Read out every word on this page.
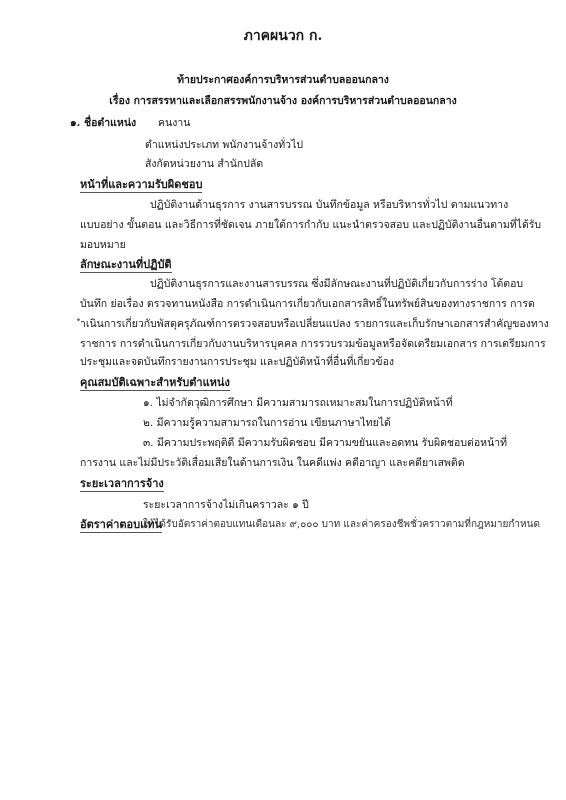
ภาคผนวก ก.
ท้ายประกาศองค์การบริหารส่วนตำบลออนกลาง
เรื่อง การสรรหาและเลือกสรรพนักงานจ้าง องค์การบริหารส่วนตำบลออนกลาง
๑. ชื่อตำแหน่ง คนงาน
ตำแหน่งประเภท พนักงานจ้างทั่วไป
สังกัดหน่วยงาน สำนักปลัด
หน้าที่และความรับผิดชอบ
ปฏิบัติงานด้านธุรการ งานสารบรรณ บันทึกข้อมูล หรือบริหารทั่วไป ตามแนวทาง
แบบอย่าง ขั้นตอน และวิธีการที่ชัดเจน ภายใต้การกำกับ แนะนำตรวจสอบ และปฏิบัติงานอื่นตามที่ได้รับ
มอบหมาย
ลักษณะงานที่ปฏิบัติ
ปฏิบัติงานธุรการและงานสารบรรณ ซึ่งมีลักษณะงานที่ปฏิบัติเกี่ยวกับการร่าง โต้ตอบ
บันทึก ย่อเรื่อง ตรวจทานหนังสือ การดำเนินการเกี่ยวกับเอกสารสิทธิ์ในทรัพย์สินของทางราชการ การด
ำเนินการเกี่ยวกับพัสดุครุภัณฑ์การตรวจสอบหรือเปลี่ยนแปลง รายการและเก็บรักษาเอกสารสำคัญของทาง
ราชการ การดำเนินการเกี่ยวกับงานบริหารบุคคล การรวบรวมข้อมูลหรือจัดเตรียมเอกสาร การเตรียมการ
ประชุมและจดบันทึกรายงานการประชุม และปฏิบัติหน้าที่อื่นที่เกี่ยวข้อง
คุณสมบัติเฉพาะสำหรับตำแหน่ง
๑. ไม่จำกัดวุฒิการศึกษา มีความสามารถเหมาะสมในการปฏิบัติหน้าที่
๒. มีความรู้ความสามารถในการอ่าน เขียนภาษาไทยได้
๓. มีความประพฤติดี มีความรับผิดชอบ มีความขยันและอดทน รับผิดชอบต่อหน้าที่
การงาน และไม่มีประวัติเสื่อมเสียในด้านการเงิน ในคดีแพ่ง คดีอาญา และคดียาเสพติด
ระยะเวลาการจ้าง
ระยะเวลาการจ้างไม่เกินคราวละ ๑ ปี
อัตราค่าตอบแทน
ให้ได้รับอัตราค่าตอบแทนเดือนละ ๙,๐๐๐ บาท และค่าครองชีพชั่วคราวตามที่กฎหมายกำหนด
